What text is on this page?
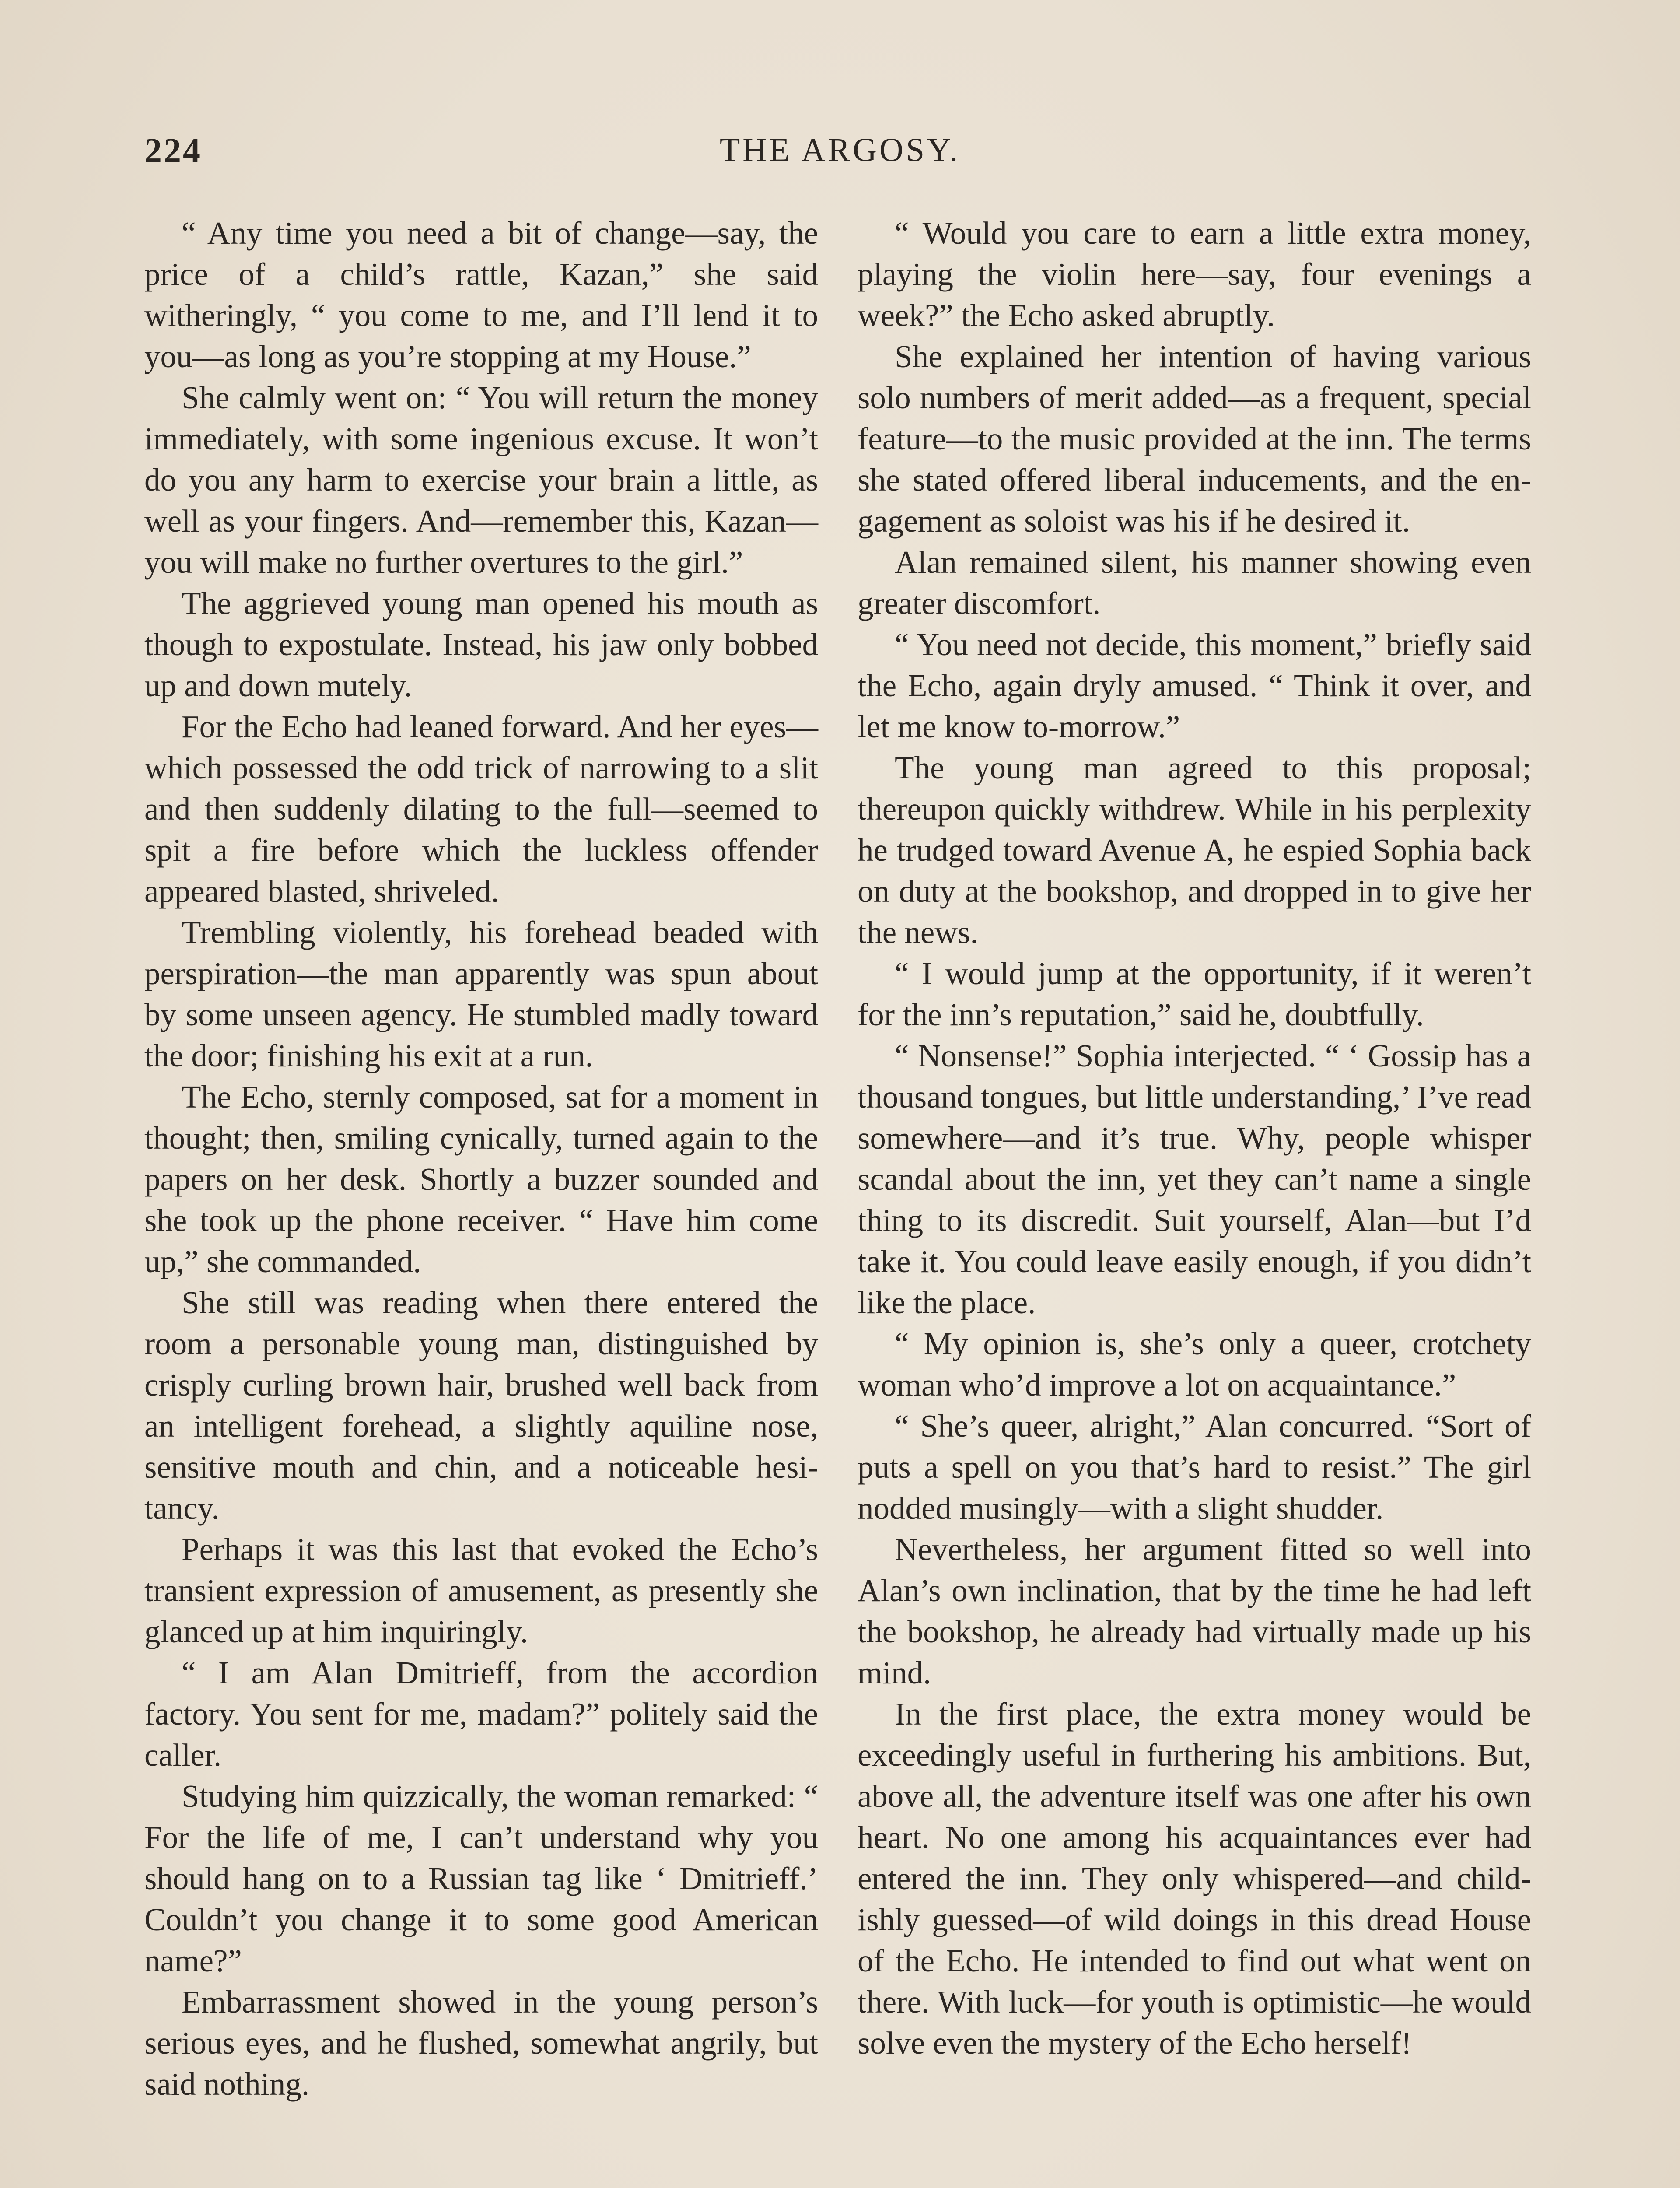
224	THE ARGOSY.

“ Any time you need a bit of change—say, the price of a child’s rattle, Kazan,” she said witheringly, “ you come to me, and I’ll lend it to you—as long as you’re stopping at my House.”

She calmly went on: “ You will return the money immediately, with some ingenious excuse. It won’t do you any harm to exercise your brain a little, as well as your fingers. And—remember this, Kazan—you will make no further overtures to the girl.”

The aggrieved young man opened his mouth as though to expostulate. Instead, his jaw only bobbed up and down mutely.

For the Echo had leaned forward. And her eyes—which possessed the odd trick of narrowing to a slit and then suddenly dilating to the full—seemed to spit a fire before which the luckless offender appeared blasted, shriveled.

Trembling violently, his forehead beaded with perspiration—the man apparently was spun about by some unseen agency. He stumbled madly toward the door; finishing his exit at a run.

The Echo, sternly composed, sat for a moment in thought; then, smiling cynically, turned again to the papers on her desk. Shortly a buzzer sounded and she took up the phone receiver. “ Have him come up,” she commanded.

She still was reading when there entered the room a personable young man, distinguished by crisply curling brown hair, brushed well back from an intelligent forehead, a slightly aquiline nose, sensitive mouth and chin, and a noticeable hesitancy.

Perhaps it was this last that evoked the Echo’s transient expression of amusement, as presently she glanced up at him inquiringly.

“ I am Alan Dmitrieff, from the accordion factory. You sent for me, madam?” politely said the caller.

Studying him quizzically, the woman remarked: “ For the life of me, I can’t understand why you should hang on to a Russian tag like ‘ Dmitrieff.’ Couldn’t you change it to some good American name?”

Embarrassment showed in the young person’s serious eyes, and he flushed, somewhat angrily, but said nothing.

“ Would you care to earn a little extra money, playing the violin here—say, four evenings a week?” the Echo asked abruptly.

She explained her intention of having various solo numbers of merit added—as a frequent, special feature—to the music provided at the inn. The terms she stated offered liberal inducements, and the engagement as soloist was his if he desired it.

Alan remained silent, his manner showing even greater discomfort.

“ You need not decide, this moment,” briefly said the Echo, again dryly amused. “ Think it over, and let me know to-morrow.”

The young man agreed to this proposal; thereupon quickly withdrew. While in his perplexity he trudged toward Avenue A, he espied Sophia back on duty at the bookshop, and dropped in to give her the news.

“ I would jump at the opportunity, if it weren’t for the inn’s reputation,” said he, doubtfully.

“ Nonsense!” Sophia interjected. “ ‘ Gossip has a thousand tongues, but little understanding,’ I’ve read somewhere—and it’s true. Why, people whisper scandal about the inn, yet they can’t name a single thing to its discredit. Suit yourself, Alan—but I’d take it. You could leave easily enough, if you didn’t like the place.

“ My opinion is, she’s only a queer, crotchety woman who’d improve a lot on acquaintance.”

“ She’s queer, alright,” Alan concurred. “Sort of puts a spell on you that’s hard to resist.” The girl nodded musingly—with a slight shudder.

Nevertheless, her argument fitted so well into Alan’s own inclination, that by the time he had left the bookshop, he already had virtually made up his mind.

In the first place, the extra money would be exceedingly useful in furthering his ambitions. But, above all, the adventure itself was one after his own heart. No one among his acquaintances ever had entered the inn. They only whispered—and childishly guessed—of wild doings in this dread House of the Echo. He intended to find out what went on there. With luck—for youth is optimistic—he would solve even the mystery of the Echo herself!
